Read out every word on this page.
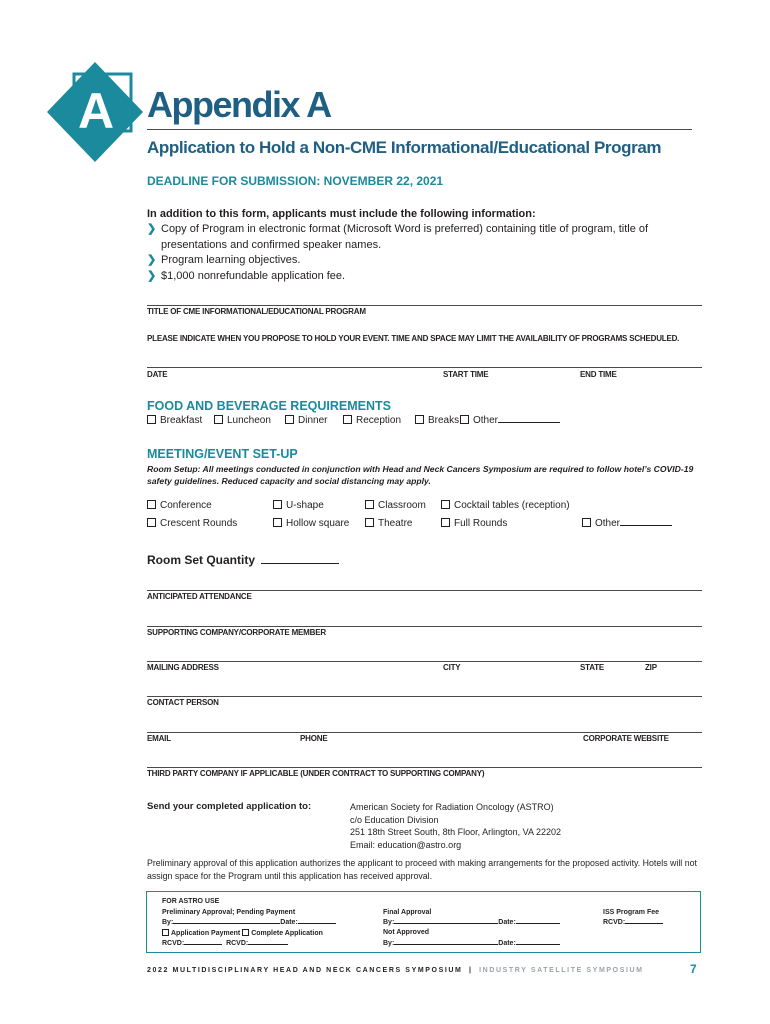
A Appendix A
Application to Hold a Non-CME Informational/Educational Program
DEADLINE FOR SUBMISSION: NOVEMBER 22, 2021
In addition to this form, applicants must include the following information:
❯ Copy of Program in electronic format (Microsoft Word is preferred) containing title of program, title of
presentations and confirmed speaker names.
❯ Program learning objectives.
❯ $1,000 nonrefundable application fee.
TITLE OF CME INFORMATIONAL/EDUCATIONAL PROGRAM
PLEASE INDICATE WHEN YOU PROPOSE TO HOLD YOUR EVENT. TIME AND SPACE MAY LIMIT THE AVAILABILITY OF PROGRAMS SCHEDULED.
DATE	START TIME	END TIME
FOOD AND BEVERAGE REQUIREMENTS
Breakfast	Luncheon	Dinner	Reception	Breaks	Other
MEETING/EVENT SET-UP
Room Setup: All meetings conducted in conjunction with Head and Neck Cancers Symposium are required to follow hotel’s COVID-19
safety guidelines. Reduced capacity and social distancing may apply.
Conference	U-shape	Classroom	Cocktail tables (reception)
Crescent Rounds	Hollow square	Theatre	Full Rounds	Other
Room Set Quantity
ANTICIPATED ATTENDANCE
SUPPORTING COMPANY/CORPORATE MEMBER
MAILING ADDRESS	CITY	STATE	ZIP
CONTACT PERSON
EMAIL	PHONE	CORPORATE WEBSITE
THIRD PARTY COMPANY IF APPLICABLE (UNDER CONTRACT TO SUPPORTING COMPANY)
Send your completed application to:	American Society for Radiation Oncology (ASTRO)
c/o Education Division
251 18th Street South, 8th Floor, Arlington, VA 22202
Email: education@astro.org
Preliminary approval of this application authorizes the applicant to proceed with making arrangements for the proposed activity. Hotels will not
assign space for the Program until this application has received approval.
FOR ASTRO USE
Preliminary Approval; Pending Payment
By:	Date:
Application Payment Complete Application
RCVD:	RCVD:
Final Approval
By:	Date:
Not Approved
By:	Date:
ISS Program Fee
RCVD:
2022 MULTIDISCIPLINARY HEAD AND NECK CANCERS SYMPOSIUM | INDUSTRY SATELLITE SYMPOSIUM	7
